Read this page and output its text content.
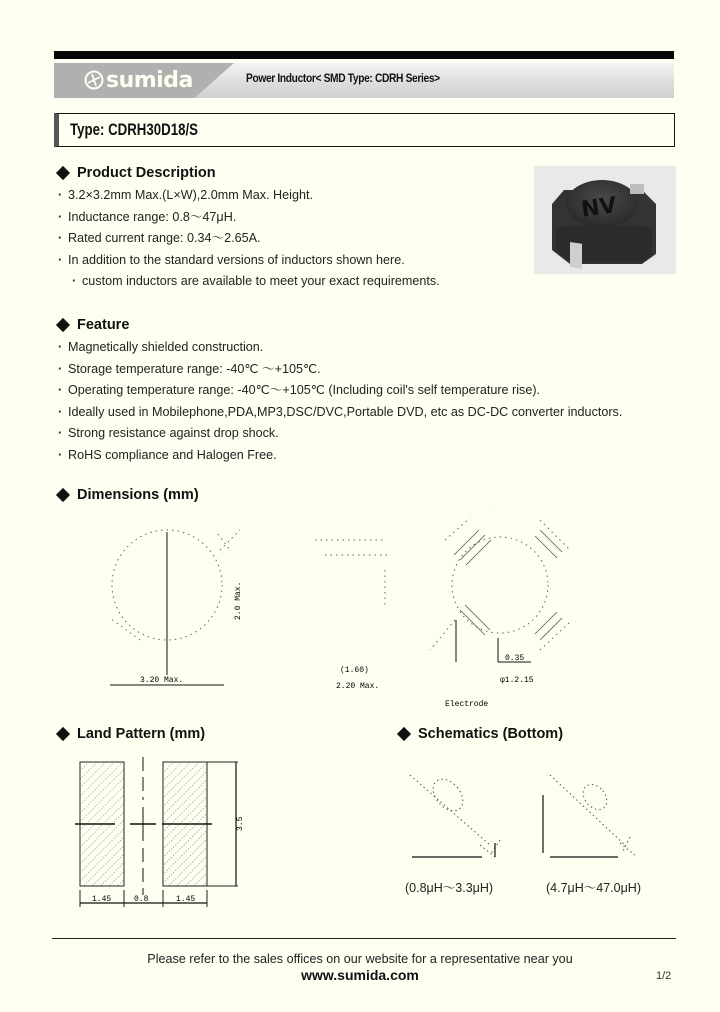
sumida	Power Inductor< SMD Type: CDRH Series>
Type: CDRH30D18/S
Product Description
· 3.2×3.2mm Max.(L×W),2.0mm Max. Height.
· Inductance range: 0.8～47μH.
· Rated current range: 0.34～2.65A.
· In addition to the standard versions of inductors shown here.
· custom inductors are available to meet your exact requirements.
NV
Feature
· Magnetically shielded construction.
· Storage temperature range: -40℃ ～+105℃.
· Operating temperature range: -40℃～+105℃ (Including coil's self temperature rise).
· Ideally used in Mobilephone,PDA,MP3,DSC/DVC,Portable DVD, etc as DC-DC converter inductors.
· Strong resistance against drop shock.
· RoHS compliance and Halogen Free.
Dimensions (mm)
0.35
φ1.2.15
Electrode
(1.60)
2.20 Max.
3.20 Max.
2.0 Max.
Land Pattern (mm)
1.45	0.8	1.45
3.5
Schematics (Bottom)
(0.8μH～3.3μH)	(4.7μH～47.0μH)
Please refer to the sales offices on our website for a representative near you
www.sumida.com	1/2
